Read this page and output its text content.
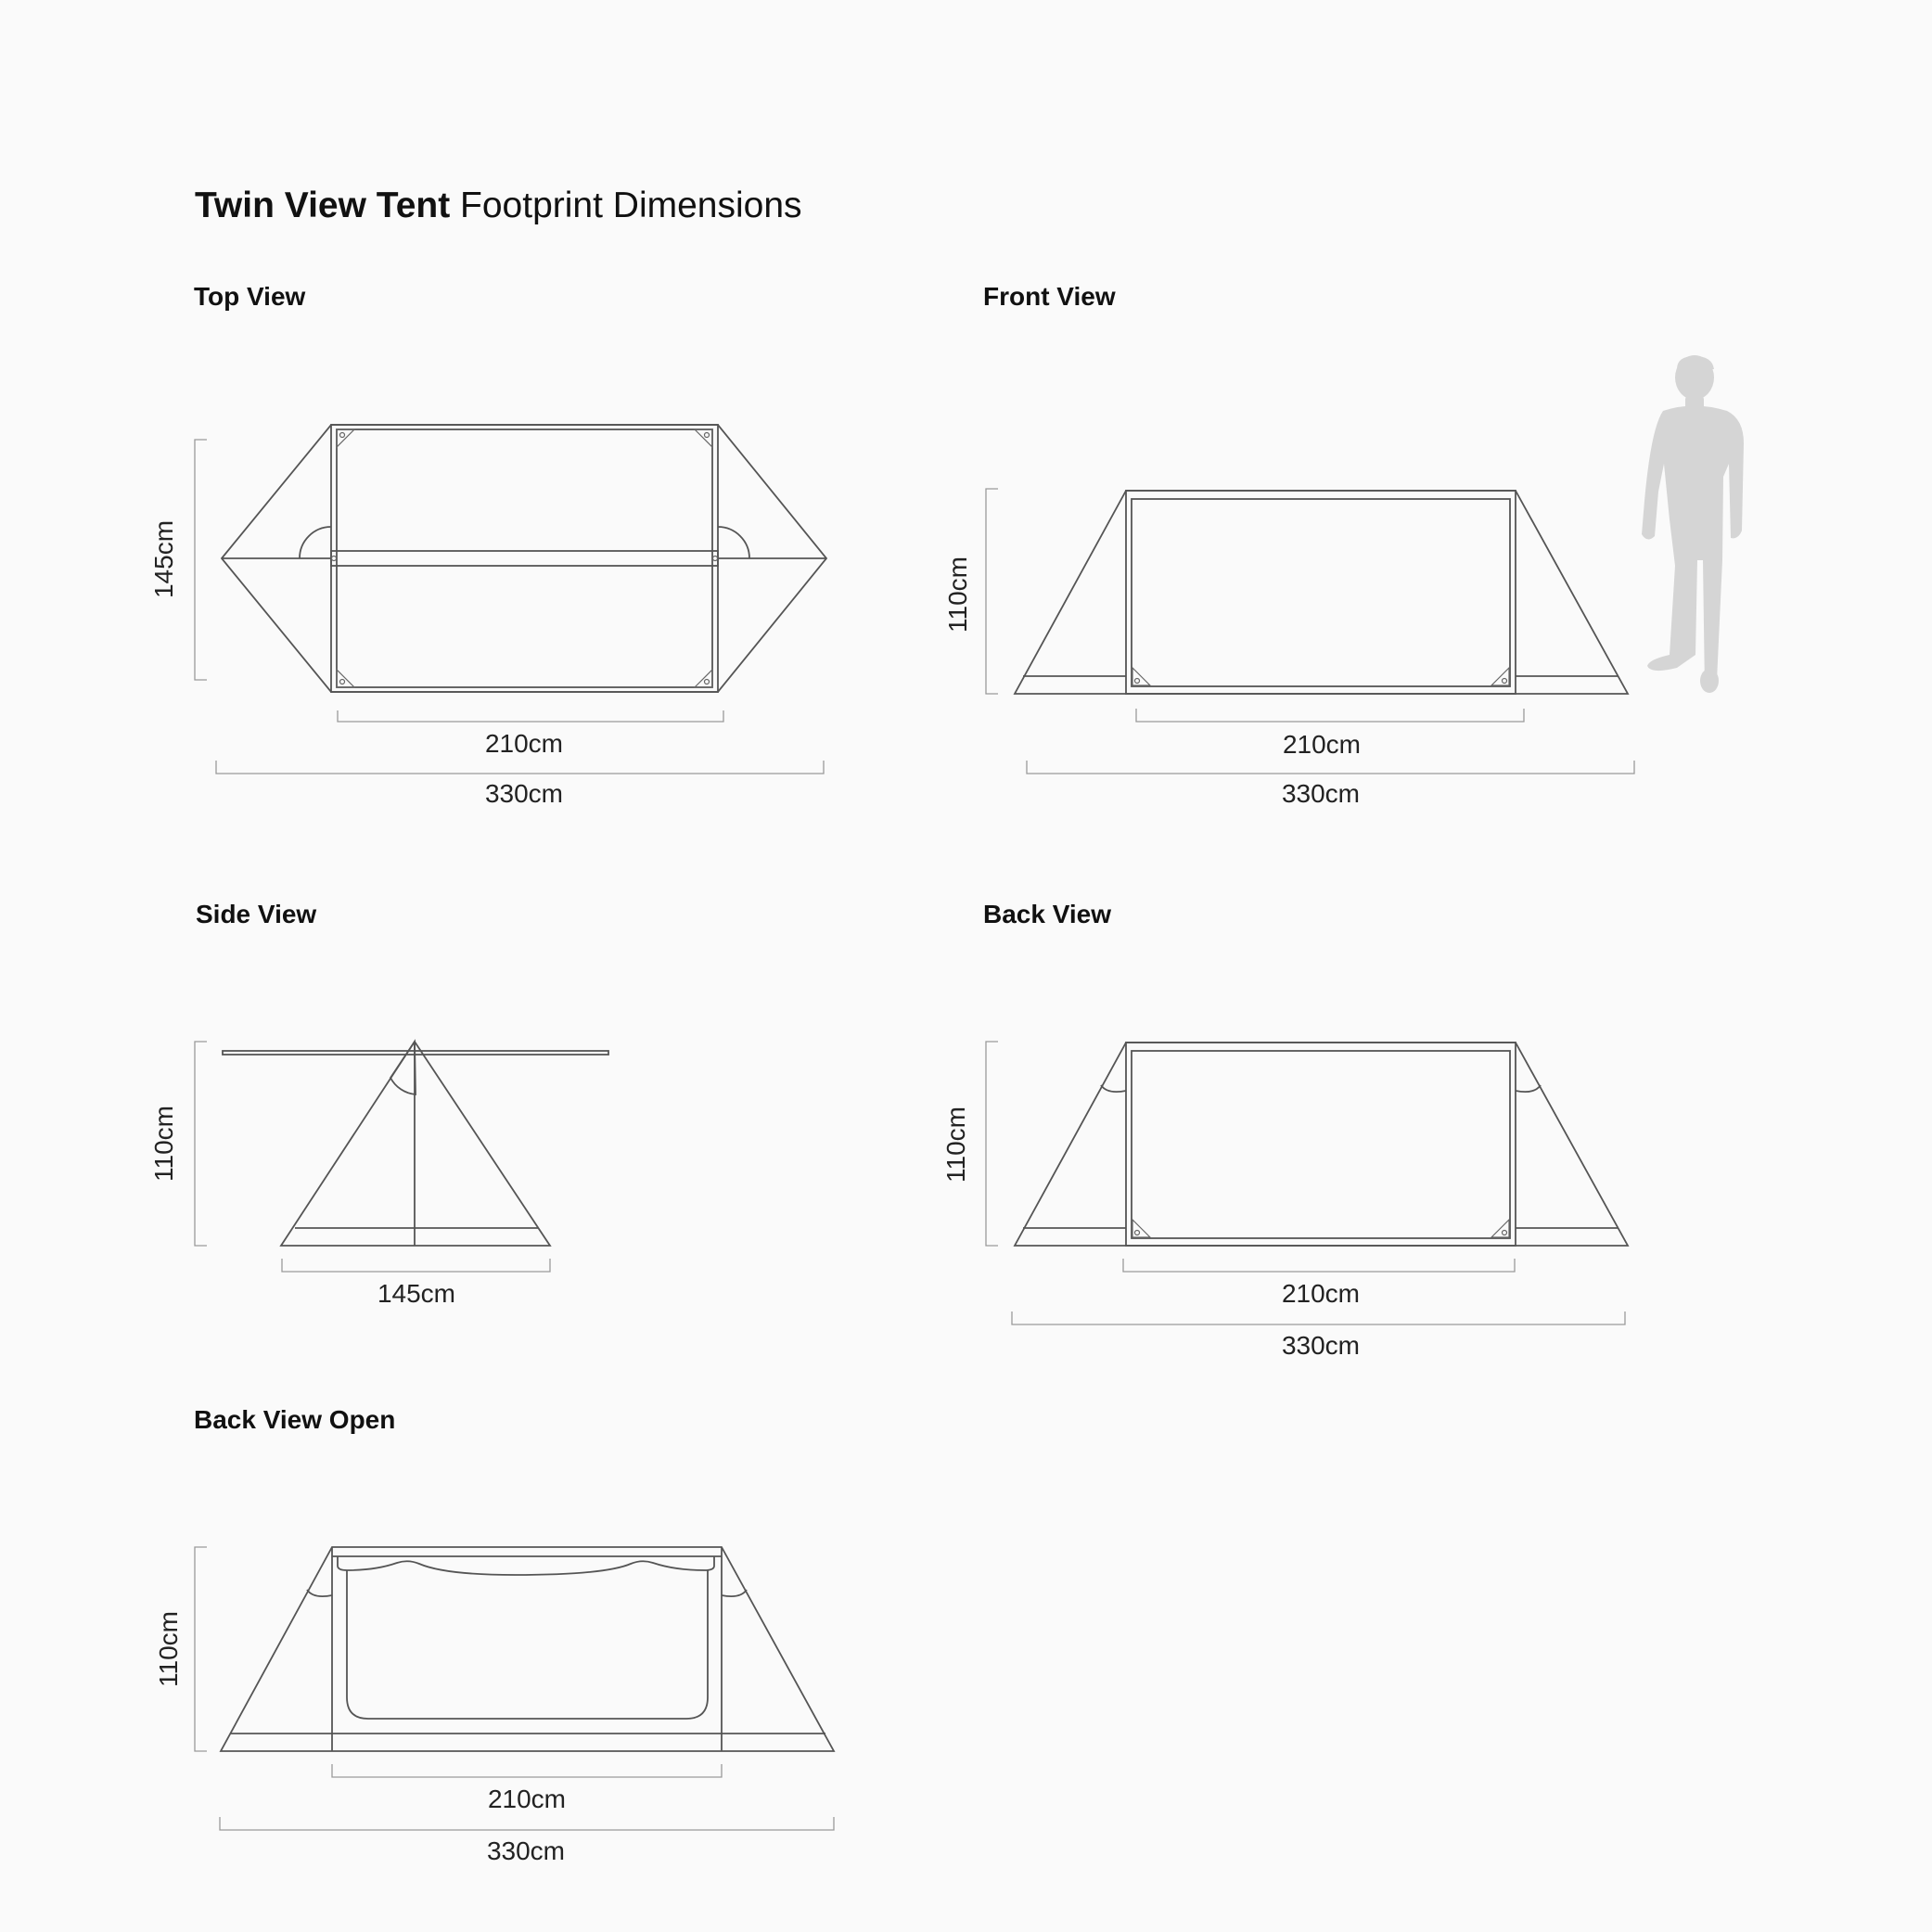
Twin View Tent Footprint Dimensions
Top View	Front View
Side View	Back View
Back View Open
145cm
210cm
330cm
110cm
210cm
330cm
110cm
145cm
110cm
210cm
330cm
110cm
210cm
330cm
